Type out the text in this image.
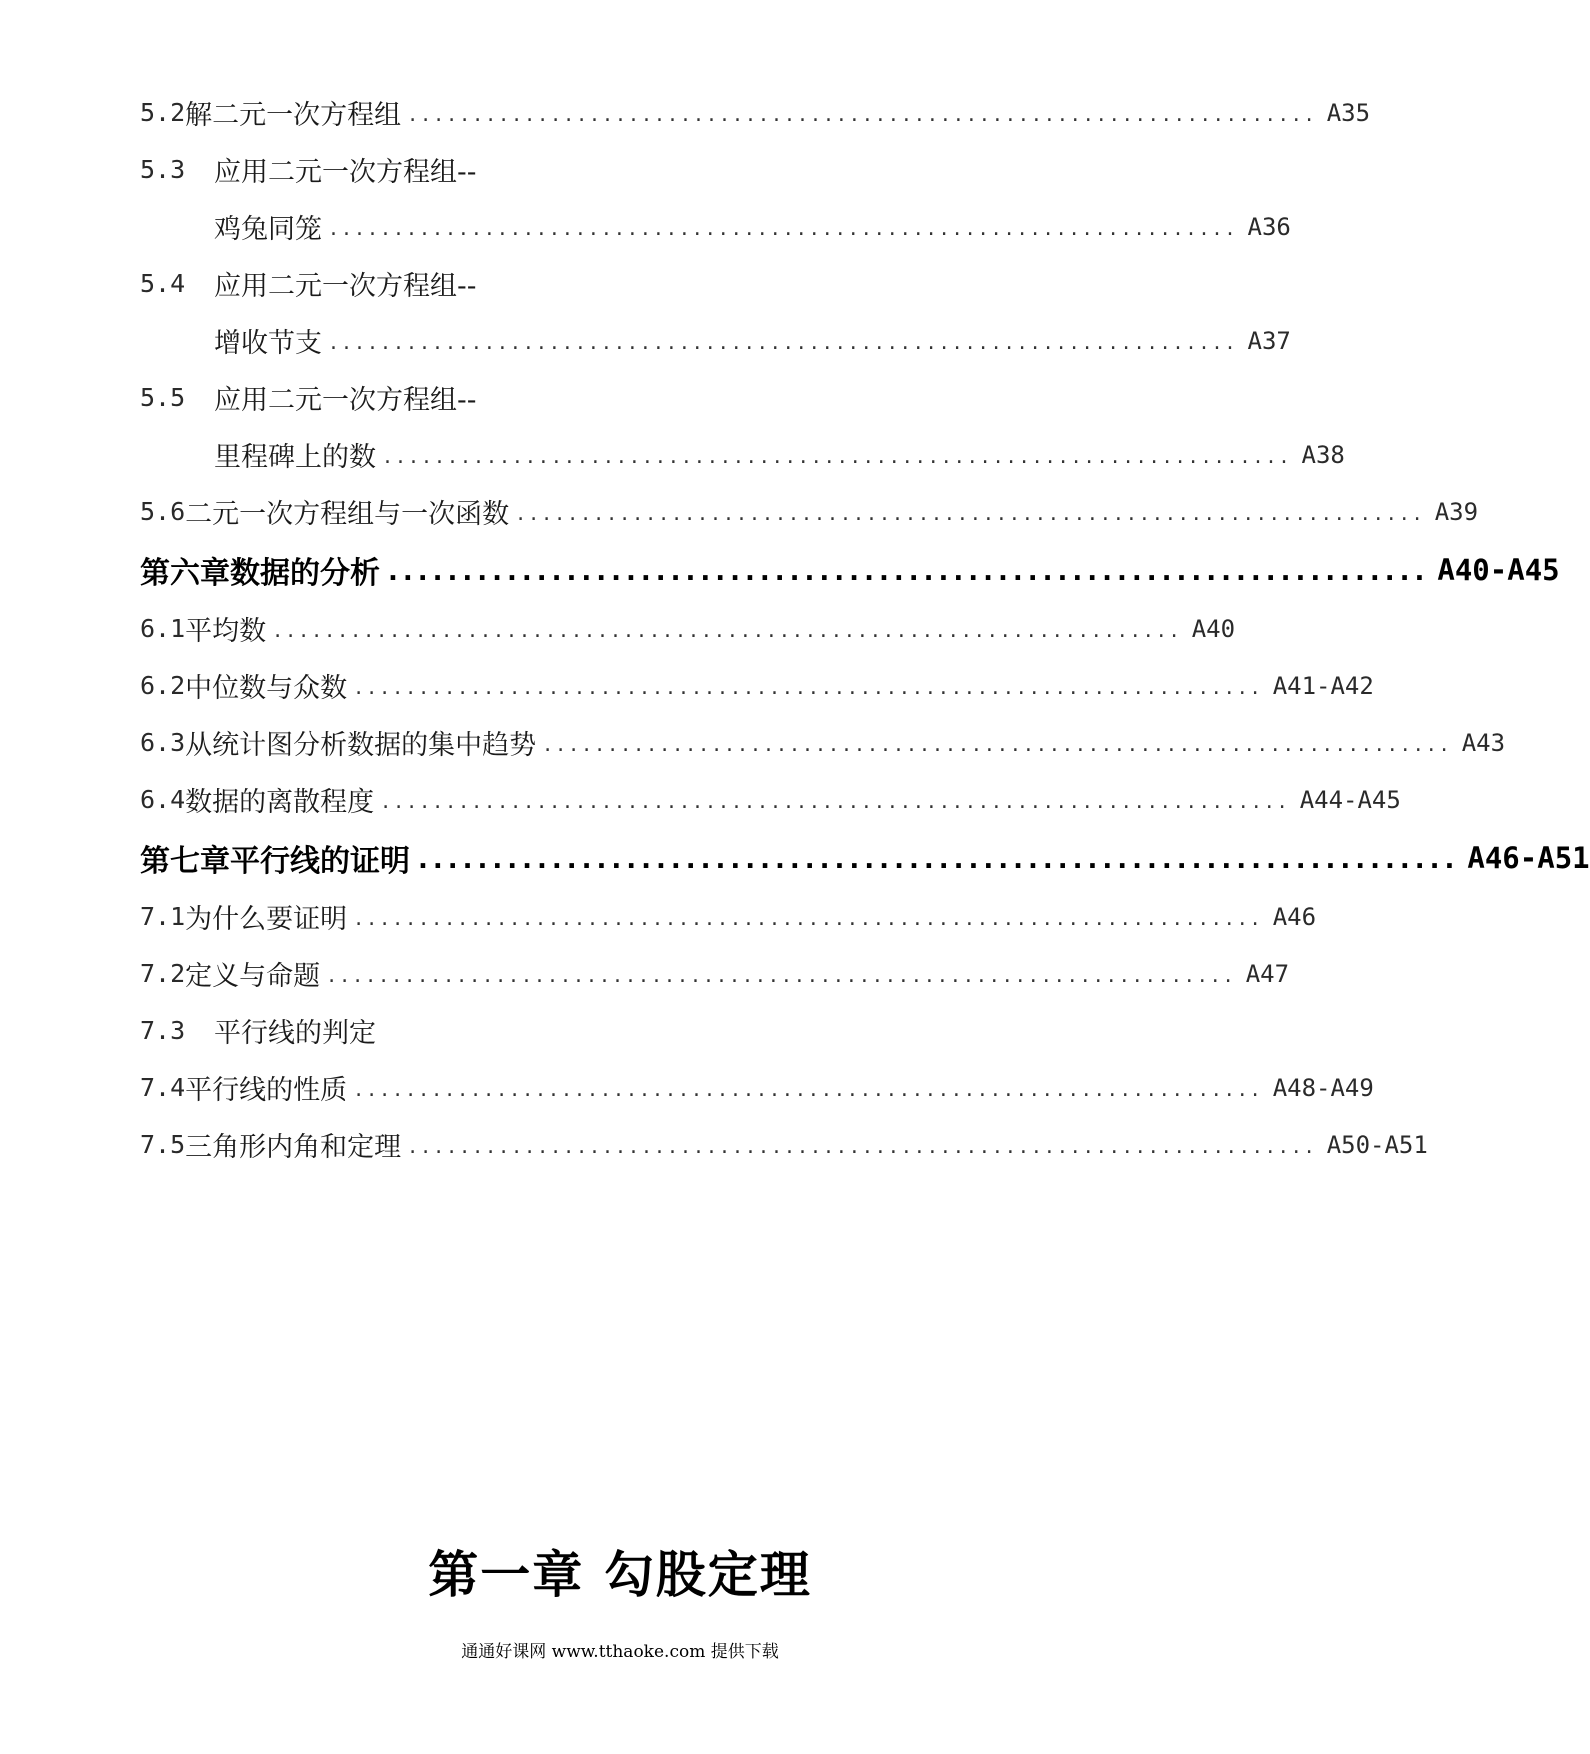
5.2 解二元一次方程组 ...................................................................... A35
5.3	应用二元一次方程组--
鸡兔同笼 ...................................................................... A36
5.4	应用二元一次方程组--
增收节支 ...................................................................... A37
5.5	应用二元一次方程组--
里程碑上的数 ...................................................................... A38
5.6 二元一次方程组与一次函数 ...................................................................... A39
第六章 数据的分析 ...................................................................... A40-A45
6.1 平均数 ...................................................................... A40
6.2 中位数与众数 ...................................................................... A41-A42
6.3 从统计图分析数据的集中趋势 ...................................................................... A43
6.4 数据的离散程度 ...................................................................... A44-A45
第七章 平行线的证明 ...................................................................... A46-A51
7.1 为什么要证明 ...................................................................... A46
7.2 定义与命题 ...................................................................... A47
7.3	平行线的判定
7.4 平行线的性质 ...................................................................... A48-A49
7.5 三角形内角和定理 ...................................................................... A50-A51
第一章 勾股定理
通通好课网 www.tthaoke.com 提供下载
